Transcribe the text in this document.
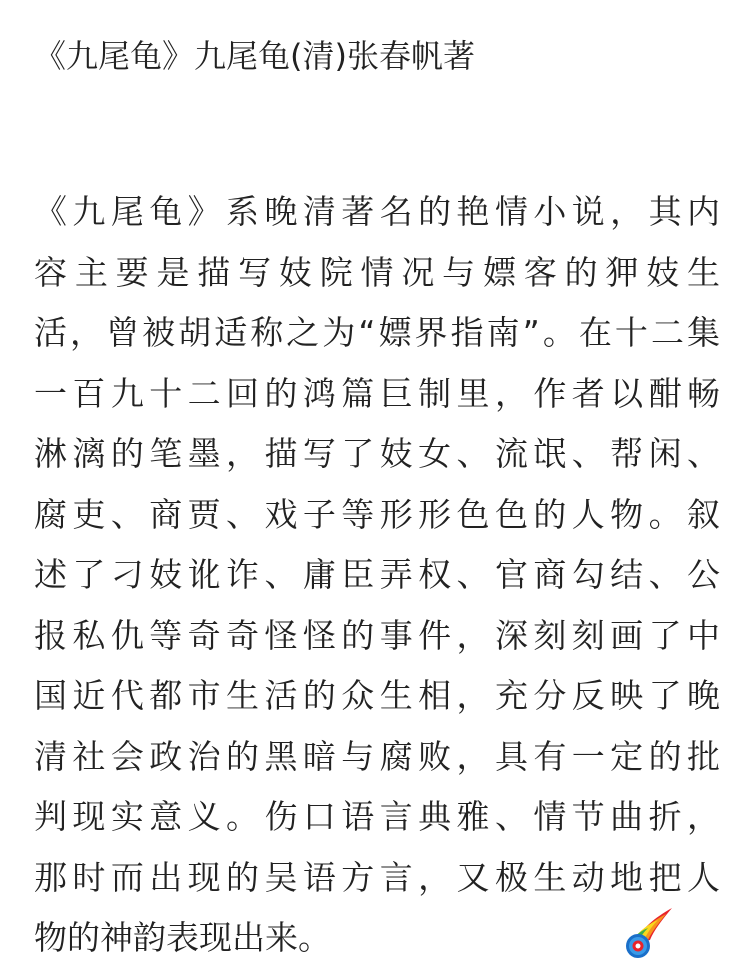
《九尾龟》九尾龟(清)张春帆著
《九尾龟》系晚清著名的艳情小说，其内
容主要是描写妓院情况与嫖客的狎妓生
活，曾被胡适称之为“嫖界指南”。在十二集
一百九十二回的鸿篇巨制里，作者以酣畅
淋漓的笔墨，描写了妓女、流氓、帮闲、
腐吏、商贾、戏子等形形色色的人物。叙
述了刁妓讹诈、庸臣弄权、官商勾结、公
报私仇等奇奇怪怪的事件，深刻刻画了中
国近代都市生活的众生相，充分反映了晚
清社会政治的黑暗与腐败，具有一定的批
判现实意义。伤口语言典雅、情节曲折，
那时而出现的吴语方言，又极生动地把人
物的神韵表现出来。
